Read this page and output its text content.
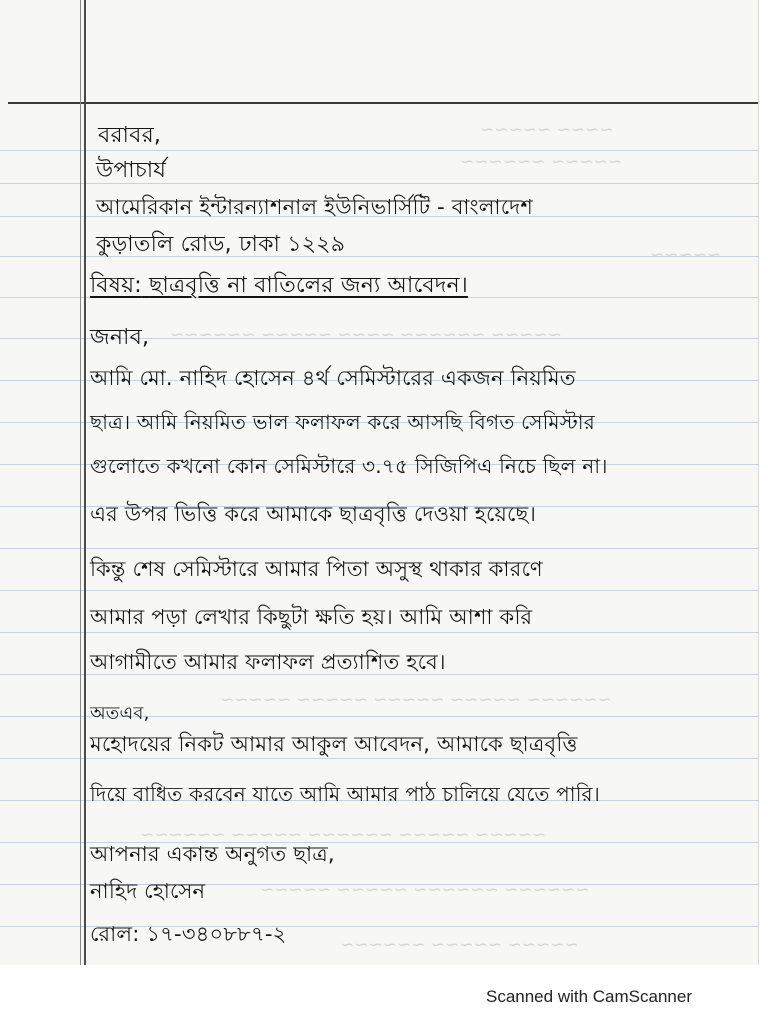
~~~~ ~~~~~
~~~~~ ~~~~~~
~~~~~
~~~~~ ~~~~~~ ~~~~ ~~~~~ ~~~~~~
~~~~~~ ~~~~~ ~~~~~ ~~~~~ ~~~~~
~~~~~ ~~~~~ ~~~~~~ ~~~~~ ~~~~~~
~~~~~~ ~~~~~~ ~~~~~ ~~~~~
~~~~~ ~~~~~ ~~~~~~
বরাবর,
উপাচার্য
আমেরিকান ইন্টারন্যাশনাল ইউনিভার্সিটি - বাংলাদেশ
কুড়াতলি রোড, ঢাকা ১২২৯
বিষয়: ছাত্রবৃত্তি না বাতিলের জন্য আবেদন।
জনাব,
আমি মো. নাহিদ হোসেন ৪র্থ সেমিস্টারের একজন নিয়মিত
ছাত্র। আমি নিয়মিত ভাল ফলাফল করে আসছি বিগত সেমিস্টার
গুলোতে কখনো কোন সেমিস্টারে ৩.৭৫ সিজিপিএ নিচে ছিল না।
এর উপর ভিত্তি করে আমাকে ছাত্রবৃত্তি দেওয়া হয়েছে।
কিন্তু শেষ সেমিস্টারে আমার পিতা অসুস্থ থাকার কারণে
আমার পড়া লেখার কিছুটা ক্ষতি হয়। আমি আশা করি
আগামীতে আমার ফলাফল প্রত্যাশিত হবে।
অতএব,
মহোদয়ের নিকট আমার আকুল আবেদন, আমাকে ছাত্রবৃত্তি
দিয়ে বাধিত করবেন যাতে আমি আমার পাঠ চালিয়ে যেতে পারি।
আপনার একান্ত অনুগত ছাত্র,
নাহিদ হোসেন
রোল: ১৭-৩৪০৮৮৭-২
Scanned with CamScanner
